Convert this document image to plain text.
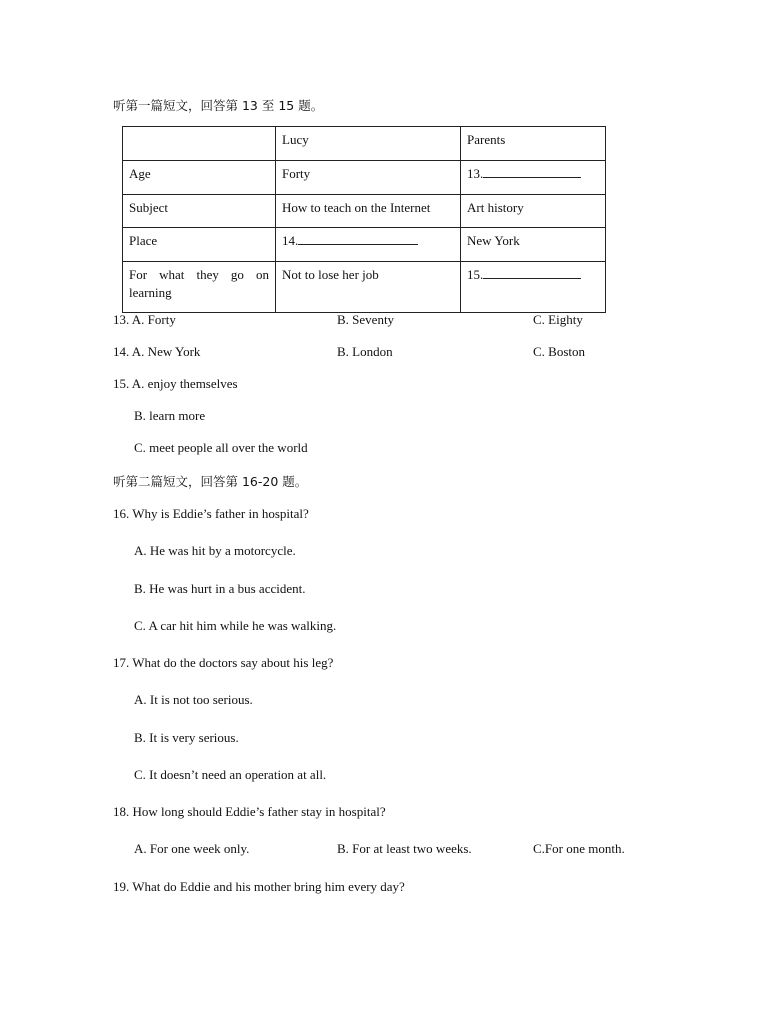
听第一篇短文，回答第 13 至 15 题。
	Lucy	Parents
Age	Forty	13.
Subject	How to teach on the Internet	Art history
Place	14.	New York
For what they go on learning	Not to lose her job	15.
13. A. Forty	B. Seventy	C. Eighty
14. A. New York	B. London	C. Boston
15. A. enjoy themselves
B. learn more
C. meet people all over the world
听第二篇短文，回答第 16-20 题。
16. Why is Eddie’s father in hospital?
A. He was hit by a motorcycle.
B. He was hurt in a bus accident.
C. A car hit him while he was walking.
17. What do the doctors say about his leg?
A. It is not too serious.
B. It is very serious.
C. It doesn’t need an operation at all.
18. How long should Eddie’s father stay in hospital?
A. For one week only.	B. For at least two weeks.	C.For one month.
19. What do Eddie and his mother bring him every day?
